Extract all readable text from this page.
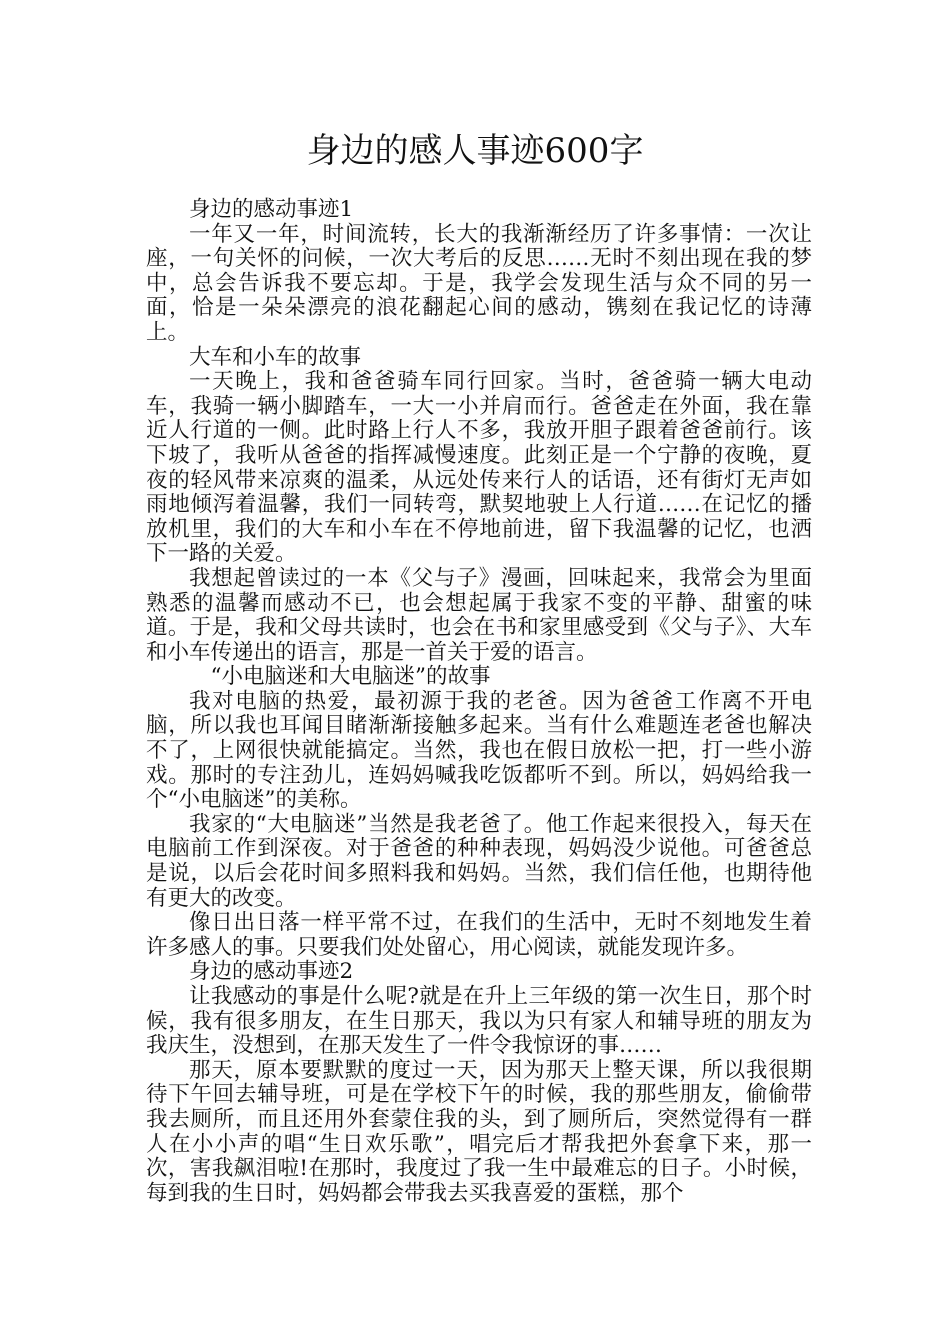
身边的感人事迹600字

身边的感动事迹1

一年又一年，时间流转，长大的我渐渐经历了许多事情：一次让座，一句关怀的问候，一次大考后的反思……无时不刻出现在我的梦中，总会告诉我不要忘却。于是，我学会发现生活与众不同的另一面，恰是一朵朵漂亮的浪花翻起心间的感动，镌刻在我记忆的诗薄上。

大车和小车的故事

一天晚上，我和爸爸骑车同行回家。当时，爸爸骑一辆大电动车，我骑一辆小脚踏车，一大一小并肩而行。爸爸走在外面，我在靠近人行道的一侧。此时路上行人不多，我放开胆子跟着爸爸前行。该下坡了，我听从爸爸的指挥减慢速度。此刻正是一个宁静的夜晚，夏夜的轻风带来凉爽的温柔，从远处传来行人的话语，还有街灯无声如雨地倾泻着温馨，我们一同转弯，默契地驶上人行道……在记忆的播放机里，我们的大车和小车在不停地前进，留下我温馨的记忆，也洒下一路的关爱。

我想起曾读过的一本《父与子》漫画，回味起来，我常会为里面熟悉的温馨而感动不已，也会想起属于我家不变的平静、甜蜜的味道。于是，我和父母共读时，也会在书和家里感受到《父与子》、大车和小车传递出的语言，那是一首关于爱的语言。

“小电脑迷和大电脑迷”的故事

我对电脑的热爱，最初源于我的老爸。因为爸爸工作离不开电脑，所以我也耳闻目睹渐渐接触多起来。当有什么难题连老爸也解决不了，上网很快就能搞定。当然，我也在假日放松一把，打一些小游戏。那时的专注劲儿，连妈妈喊我吃饭都听不到。所以，妈妈给我一个“小电脑迷”的美称。

我家的“大电脑迷”当然是我老爸了。他工作起来很投入，每天在电脑前工作到深夜。对于爸爸的种种表现，妈妈没少说他。可爸爸总是说，以后会花时间多照料我和妈妈。当然，我们信任他，也期待他有更大的改变。

像日出日落一样平常不过，在我们的生活中，无时不刻地发生着许多感人的事。只要我们处处留心，用心阅读，就能发现许多。

身边的感动事迹2

让我感动的事是什么呢?就是在升上三年级的第一次生日，那个时候，我有很多朋友，在生日那天，我以为只有家人和辅导班的朋友为我庆生，没想到，在那天发生了一件令我惊讶的事……

那天，原本要默默的度过一天，因为那天上整天课，所以我很期待下午回去辅导班，可是在学校下午的时候，我的那些朋友，偷偷带我去厕所，而且还用外套蒙住我的头，到了厕所后，突然觉得有一群人在小小声的唱“生日欢乐歌”，唱完后才帮我把外套拿下来，那一次，害我飙泪啦!在那时，我度过了我一生中最难忘的日子。小时候，每到我的生日时，妈妈都会带我去买我喜爱的蛋糕，那个
